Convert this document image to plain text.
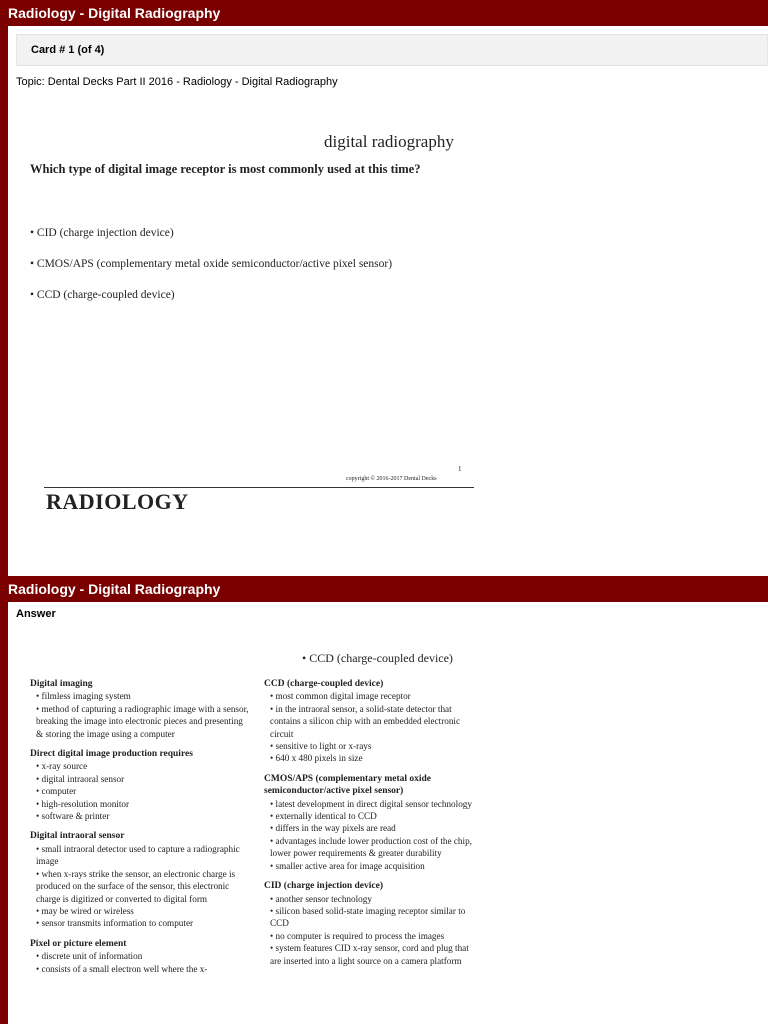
Radiology - Digital Radiography
Card # 1 (of 4)
Topic: Dental Decks Part II 2016 - Radiology - Digital Radiography
digital radiography
Which type of digital image receptor is most commonly used at this time?
• CID (charge injection device)
• CMOS/APS (complementary metal oxide semiconductor/active pixel sensor)
• CCD (charge-coupled device)
1
copyright © 2016-2017 Dental Decks
RADIOLOGY
Radiology - Digital Radiography
Answer
• CCD (charge-coupled device)
Digital imaging
• filmless imaging system
• method of capturing a radiographic image with a sensor, breaking the image into electronic pieces and presenting & storing the image using a computer
Direct digital image production requires
• x-ray source
• digital intraoral sensor
• computer
• high-resolution monitor
• software & printer
Digital intraoral sensor
• small intraoral detector used to capture a radiographic image
• when x-rays strike the sensor, an electronic charge is produced on the surface of the sensor, this electronic charge is digitized or converted to digital form
• may be wired or wireless
• sensor transmits information to computer
Pixel or picture element
• discrete unit of information
• consists of a small electron well where the x-
CCD (charge-coupled device)
• most common digital image receptor
• in the intraoral sensor, a solid-state detector that contains a silicon chip with an embedded electronic circuit
• sensitive to light or x-rays
• 640 x 480 pixels in size
CMOS/APS (complementary metal oxide semiconductor/active pixel sensor)
• latest development in direct digital sensor technology
• externally identical to CCD
• differs in the way pixels are read
• advantages include lower production cost of the chip, lower power requirements & greater durability
• smaller active area for image acquisition
CID (charge injection device)
• another sensor technology
• silicon based solid-state imaging receptor similar to CCD
• no computer is required to process the images
• system features CID x-ray sensor, cord and plug that are inserted into a light source on a camera platform
